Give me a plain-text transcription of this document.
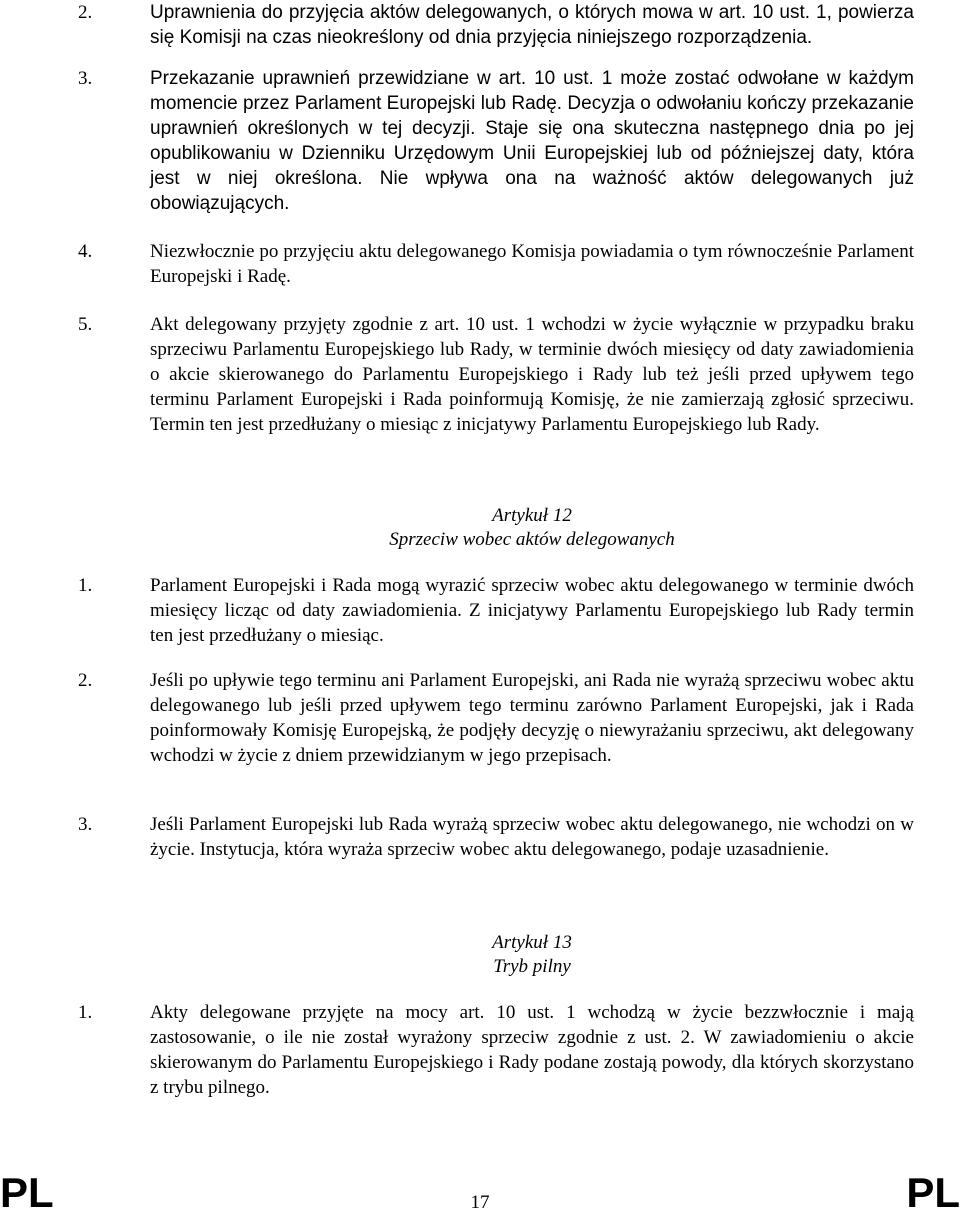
2.	Uprawnienia do przyjęcia aktów delegowanych, o których mowa w art. 10 ust. 1, powierza się Komisji na czas nieokreślony od dnia przyjęcia niniejszego rozporządzenia.
3.	Przekazanie uprawnień przewidziane w art. 10 ust. 1 może zostać odwołane w każdym momencie przez Parlament Europejski lub Radę. Decyzja o odwołaniu kończy przekazanie uprawnień określonych w tej decyzji. Staje się ona skuteczna następnego dnia po jej opublikowaniu w Dzienniku Urzędowym Unii Europejskiej lub od późniejszej daty, która jest w niej określona. Nie wpływa ona na ważność aktów delegowanych już obowiązujących.
4.	Niezwłocznie po przyjęciu aktu delegowanego Komisja powiadamia o tym równocześnie Parlament Europejski i Radę.
5.	Akt delegowany przyjęty zgodnie z art. 10 ust. 1 wchodzi w życie wyłącznie w przypadku braku sprzeciwu Parlamentu Europejskiego lub Rady, w terminie dwóch miesięcy od daty zawiadomienia o akcie skierowanego do Parlamentu Europejskiego i Rady lub też jeśli przed upływem tego terminu Parlament Europejski i Rada poinformują Komisję, że nie zamierzają zgłosić sprzeciwu. Termin ten jest przedłużany o miesiąc z inicjatywy Parlamentu Europejskiego lub Rady.
Artykuł 12
Sprzeciw wobec aktów delegowanych
1.	Parlament Europejski i Rada mogą wyrazić sprzeciw wobec aktu delegowanego w terminie dwóch miesięcy licząc od daty zawiadomienia. Z inicjatywy Parlamentu Europejskiego lub Rady termin ten jest przedłużany o miesiąc.
2.	Jeśli po upływie tego terminu ani Parlament Europejski, ani Rada nie wyrażą sprzeciwu wobec aktu delegowanego lub jeśli przed upływem tego terminu zarówno Parlament Europejski, jak i Rada poinformowały Komisję Europejską, że podjęły decyzję o niewyrażaniu sprzeciwu, akt delegowany wchodzi w życie z dniem przewidzianym w jego przepisach.
3.	Jeśli Parlament Europejski lub Rada wyrażą sprzeciw wobec aktu delegowanego, nie wchodzi on w życie. Instytucja, która wyraża sprzeciw wobec aktu delegowanego, podaje uzasadnienie.
Artykuł 13
Tryb pilny
1.	Akty delegowane przyjęte na mocy art. 10 ust. 1 wchodzą w życie bezzwłocznie i mają zastosowanie, o ile nie został wyrażony sprzeciw zgodnie z ust. 2. W zawiadomieniu o akcie skierowanym do Parlamentu Europejskiego i Rady podane zostają powody, dla których skorzystano z trybu pilnego.
PL	17	PL
